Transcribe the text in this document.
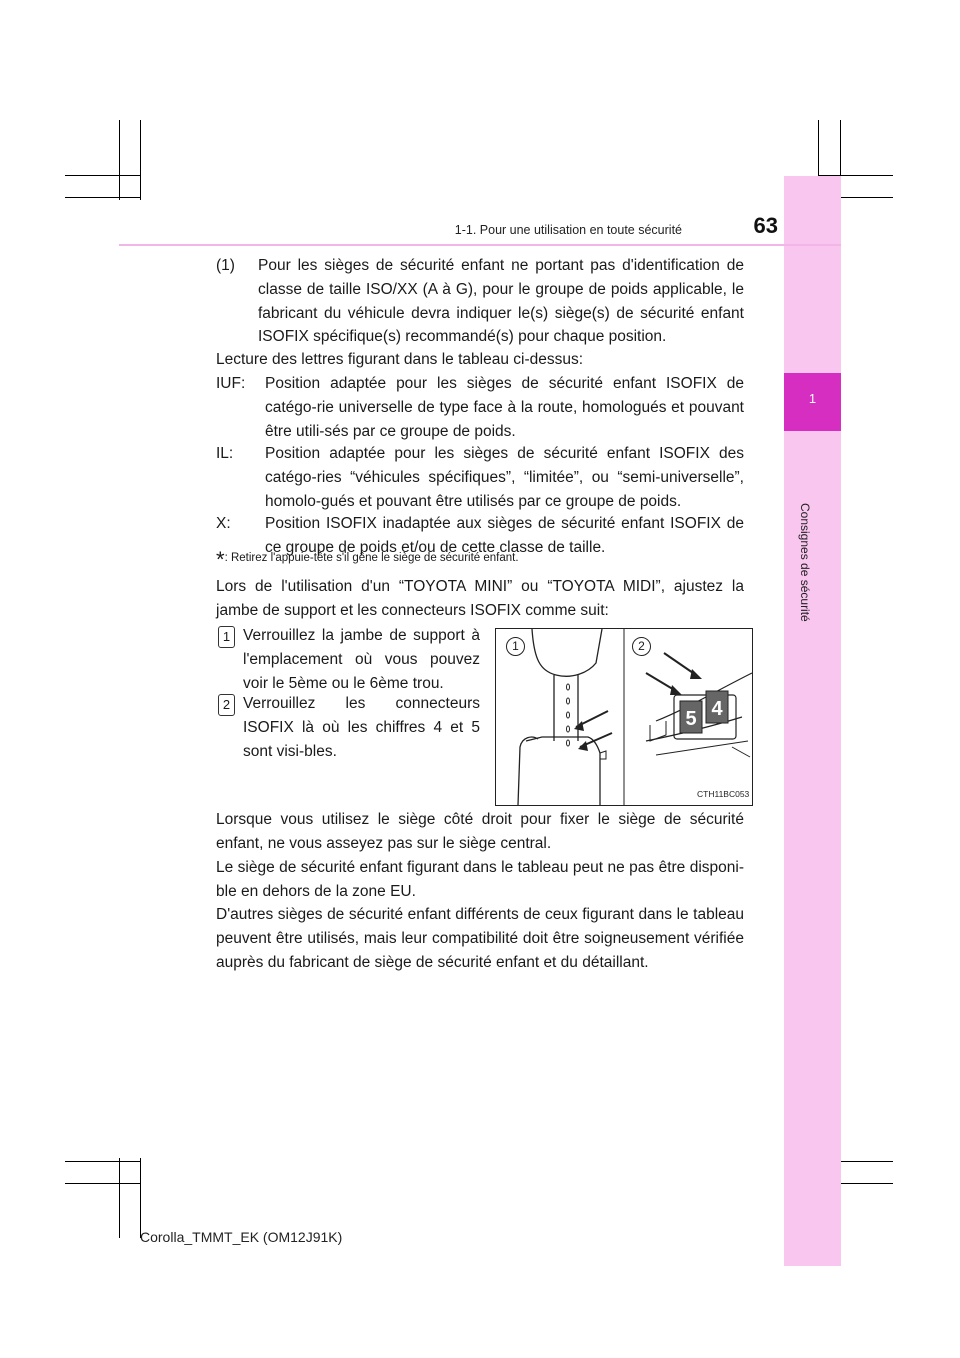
1
Consignes de sécurité
1-1. Pour une utilisation en toute sécurité	63
(1) Pour les sièges de sécurité enfant ne portant pas d'identification de classe de taille ISO/XX (A à G), pour le groupe de poids applicable, le fabricant du véhicule devra indiquer le(s) siège(s) de sécurité enfant ISOFIX spécifique(s) recommandé(s) pour chaque position.
Lecture des lettres figurant dans le tableau ci-dessus:
IUF: Position adaptée pour les sièges de sécurité enfant ISOFIX de catégo-rie universelle de type face à la route, homologués et pouvant être utili-sés par ce groupe de poids.
IL: Position adaptée pour les sièges de sécurité enfant ISOFIX des catégo-ries “véhicules spécifiques”, “limitée”, ou “semi-universelle”, homolo-gués et pouvant être utilisés par ce groupe de poids.
X: Position ISOFIX inadaptée aux sièges de sécurité enfant ISOFIX de ce groupe de poids et/ou de cette classe de taille.
*: Retirez l'appuie-tête s'il gêne le siège de sécurité enfant.
Lors de l'utilisation d'un “TOYOTA MINI” ou “TOYOTA MIDI”, ajustez la jambe de support et les connecteurs ISOFIX comme suit:
1 Verrouillez la jambe de support à l'emplacement où vous pouvez voir le 5ème ou le 6ème trou.
2 Verrouillez les connecteurs ISOFIX là où les chiffres 4 et 5 sont visi-bles.
5 4
1	2
CTH11BC053
Lorsque vous utilisez le siège côté droit pour fixer le siège de sécurité enfant, ne vous asseyez pas sur le siège central.
Le siège de sécurité enfant figurant dans le tableau peut ne pas être disponi-ble en dehors de la zone EU.
D'autres sièges de sécurité enfant différents de ceux figurant dans le tableau peuvent être utilisés, mais leur compatibilité doit être soigneusement vérifiée auprès du fabricant de siège de sécurité enfant et du détaillant.
Corolla_TMMT_EK (OM12J91K)
